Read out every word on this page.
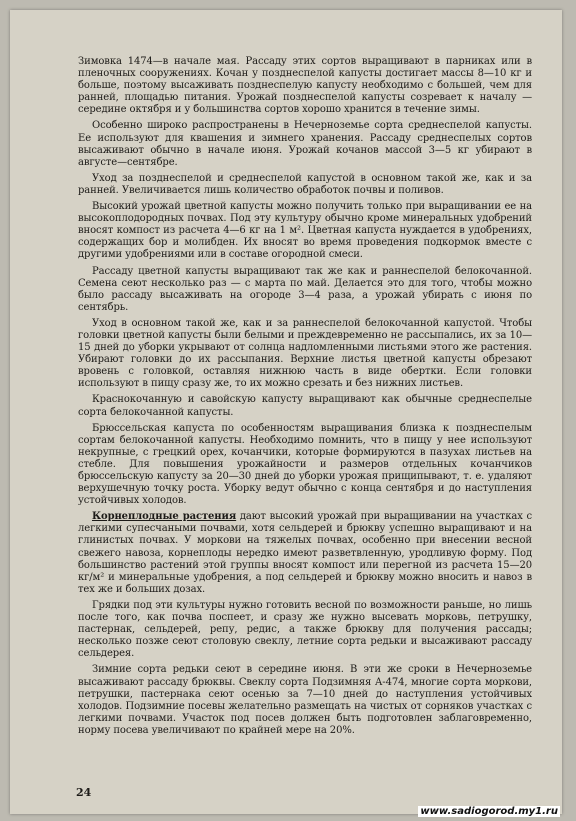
Зимовка 1474—в начале мая. Рассаду этих сортов выращивают в парниках или в пленочных сооружениях. Кочан у позднеспелой капусты достигает массы 8—10 кг и больше, поэтому высаживать позднеспелую капусту необходимо с большей, чем для ранней, площадью питания. Урожай позднеспелой капусты созревает к началу — середине октября и у большинства сортов хорошо хранится в течение зимы.

Особенно широко распространены в Нечерноземье сорта среднеспелой капусты. Ее используют для квашения и зимнего хранения. Рассаду среднеспелых сортов высаживают обычно в начале июня. Урожай кочанов массой 3—5 кг убирают в августе—сентябре.

Уход за позднеспелой и среднеспелой капустой в основном такой же, как и за ранней. Увеличивается лишь количество обработок почвы и поливов.

Высокий урожай цветной капусты можно получить только при выращивании ее на высокоплодородных почвах. Под эту культуру обычно кроме минеральных удобрений вносят компост из расчета 4—6 кг на 1 м². Цветная капуста нуждается в удобрениях, содержащих бор и молибден. Их вносят во время проведения подкормок вместе с другими удобрениями или в составе огородной смеси.

Рассаду цветной капусты выращивают так же как и раннеспелой белокочанной. Семена сеют несколько раз — с марта по май. Делается это для того, чтобы можно было рассаду высаживать на огороде 3—4 раза, а урожай убирать с июня по сентябрь.

Уход в основном такой же, как и за раннеспелой белокочанной капустой. Чтобы головки цветной капусты были белыми и преждевременно не рассыпались, их за 10—15 дней до уборки укрывают от солнца надломленными листьями этого же растения. Убирают головки до их рассыпания. Верхние листья цветной капусты обрезают вровень с головкой, оставляя нижнюю часть в виде обертки. Если головки используют в пищу сразу же, то их можно срезать и без нижних листьев.

Краснокочанную и савойскую капусту выращивают как обычные среднеспелые сорта белокочанной капусты.

Брюссельская капуста по особенностям выращивания близка к позднеспелым сортам белокочанной капусты. Необходимо помнить, что в пищу у нее используют некрупные, с грецкий орех, кочанчики, которые формируются в пазухах листьев на стебле. Для повышения урожайности и размеров отдельных кочанчиков брюссельскую капусту за 20—30 дней до уборки урожая прищипывают, т. е. удаляют верхушечную точку роста. Уборку ведут обычно с конца сентября и до наступления устойчивых холодов.

Корнеплодные растения дают высокий урожай при выращивании на участках с легкими супесчаными почвами, хотя сельдерей и брюкву успешно выращивают и на глинистых почвах. У моркови на тяжелых почвах, особенно при внесении весной свежего навоза, корнеплоды нередко имеют разветвленную, уродливую форму. Под большинство растений этой группы вносят компост или перегной из расчета 15—20 кг/м² и минеральные удобрения, а под сельдерей и брюкву можно вносить и навоз в тех же и больших дозах.

Грядки под эти культуры нужно готовить весной по возможности раньше, но лишь после того, как почва поспеет, и сразу же нужно высевать морковь, петрушку, пастернак, сельдерей, репу, редис, а также брюкву для получения рассады; несколько позже сеют столовую свеклу, летние сорта редьки и высаживают рассаду сельдерея.

Зимние сорта редьки сеют в середине июня. В эти же сроки в Нечерноземье высаживают рассаду брюквы. Свеклу сорта Подзимняя А-474, многие сорта моркови, петрушки, пастернака сеют осенью за 7—10 дней до наступления устойчивых холодов. Подзимние посевы желательно размещать на чистых от сорняков участках с легкими почвами. Участок под посев должен быть подготовлен заблаговременно, норму посева увеличивают по крайней мере на 20%.

24
www.sadiogorod.my1.ru
